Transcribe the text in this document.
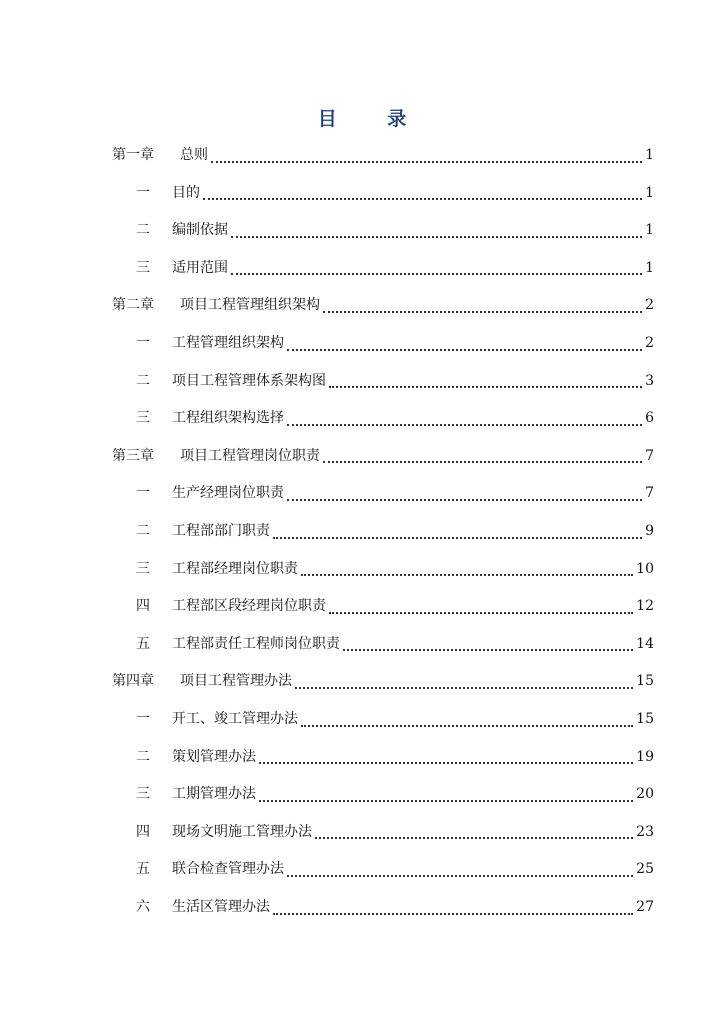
目 录
第一章	总则	1
一	目的	1
二	编制依据	1
三	适用范围	1
第二章	项目工程管理组织架构	2
一	工程管理组织架构	2
二	项目工程管理体系架构图	3
三	工程组织架构选择	6
第三章	项目工程管理岗位职责	7
一	生产经理岗位职责	7
二	工程部部门职责	9
三	工程部经理岗位职责	10
四	工程部区段经理岗位职责	12
五	工程部责任工程师岗位职责	14
第四章	项目工程管理办法	15
一	开工、竣工管理办法	15
二	策划管理办法	19
三	工期管理办法	20
四	现场文明施工管理办法	23
五	联合检查管理办法	25
六	生活区管理办法	27
